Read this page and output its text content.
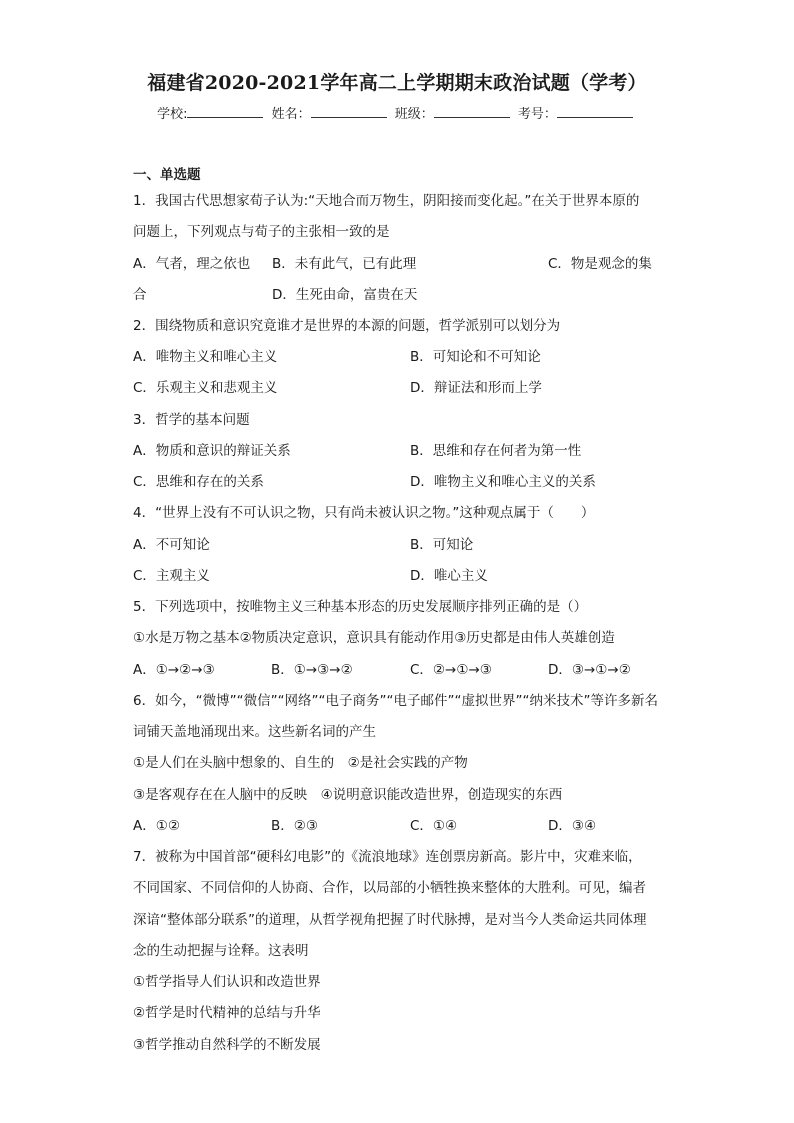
福建省2020-2021学年高二上学期期末政治试题（学考）
学校:	姓名：	班级：	考号：
一、单选题
1．我国古代思想家荀子认为:“天地合而万物生，阴阳接而变化起。”在关于世界本原的
问题上，下列观点与荀子的主张相一致的是
A．气者，理之依也 B．未有此气，已有此理	C．物是观念的集
合	D．生死由命，富贵在天
2．围绕物质和意识究竟谁才是世界的本源的问题，哲学派别可以划分为
A．唯物主义和唯心主义	B．可知论和不可知论
C．乐观主义和悲观主义	D．辩证法和形而上学
3．哲学的基本问题
A．物质和意识的辩证关系	B．思维和存在何者为第一性
C．思维和存在的关系	D．唯物主义和唯心主义的关系
4．“世界上没有不可认识之物，只有尚未被认识之物。”这种观点属于（　　）
A．不可知论	B．可知论
C．主观主义	D．唯心主义
5．下列选项中，按唯物主义三种基本形态的历史发展顺序排列正确的是（）
①水是万物之基本②物质决定意识，意识具有能动作用③历史都是由伟人英雄创造
A．①→②→③	B．①→③→②	C．②→①→③	D．③→①→②
6．如今，“微博”“微信”“网络”“电子商务”“电子邮件”“虚拟世界”“纳米技术”等许多新名
词铺天盖地涌现出来。这些新名词的产生
①是人们在头脑中想象的、自生的　②是社会实践的产物
③是客观存在在人脑中的反映　④说明意识能改造世界，创造现实的东西
A．①②	B．②③	C．①④	D．③④
7．被称为中国首部“硬科幻电影”的《流浪地球》连创票房新高。影片中，灾难来临，
不同国家、不同信仰的人协商、合作，以局部的小牺牲换来整体的大胜利。可见，编者
深谙“整体部分联系”的道理，从哲学视角把握了时代脉搏，是对当今人类命运共同体理
念的生动把握与诠释。这表明
①哲学指导人们认识和改造世界
②哲学是时代精神的总结与升华
③哲学推动自然科学的不断发展
